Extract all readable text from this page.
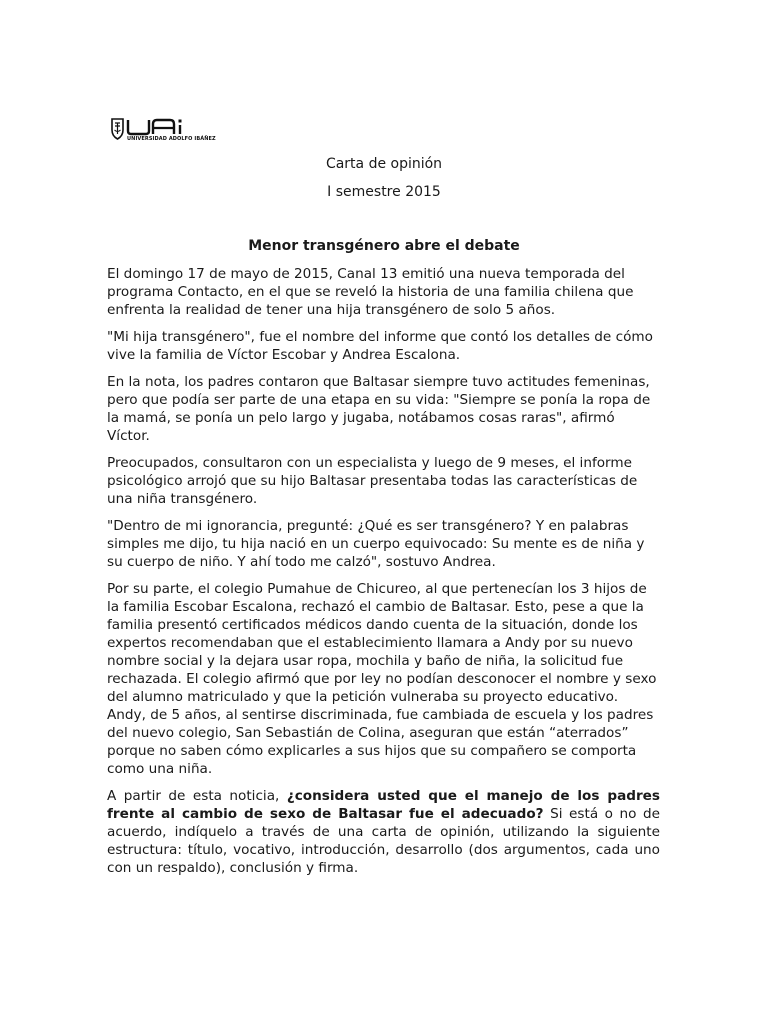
UNIVERSIDAD ADOLFO IBÁÑEZ
Carta de opinión
I semestre 2015
Menor transgénero abre el debate

El domingo 17 de mayo de 2015, Canal 13 emitió una nueva temporada del programa Contacto, en el que se reveló la historia de una familia chilena que enfrenta la realidad de tener una hija transgénero de solo 5 años.

"Mi hija transgénero", fue el nombre del informe que contó los detalles de cómo vive la familia de Víctor Escobar y Andrea Escalona.

En la nota, los padres contaron que Baltasar siempre tuvo actitudes femeninas, pero que podía ser parte de una etapa en su vida: "Siempre se ponía la ropa de la mamá, se ponía un pelo largo y jugaba, notábamos cosas raras", afirmó Víctor.

Preocupados, consultaron con un especialista y luego de 9 meses, el informe psicológico arrojó que su hijo Baltasar presentaba todas las características de una niña transgénero.

"Dentro de mi ignorancia, pregunté: ¿Qué es ser transgénero? Y en palabras simples me dijo, tu hija nació en un cuerpo equivocado: Su mente es de niña y su cuerpo de niño. Y ahí todo me calzó", sostuvo Andrea.

Por su parte, el colegio Pumahue de Chicureo, al que pertenecían los 3 hijos de la familia Escobar Escalona, rechazó el cambio de Baltasar. Esto, pese a que la familia presentó certificados médicos dando cuenta de la situación, donde los expertos recomendaban que el establecimiento llamara a Andy por su nuevo nombre social y la dejara usar ropa, mochila y baño de niña, la solicitud fue rechazada. El colegio afirmó que por ley no podían desconocer el nombre y sexo del alumno matriculado y que la petición vulneraba su proyecto educativo. Andy, de 5 años, al sentirse discriminada, fue cambiada de escuela y los padres del nuevo colegio, San Sebastián de Colina, aseguran que están “aterrados” porque no saben cómo explicarles a sus hijos que su compañero se comporta como una niña.

A partir de esta noticia, ¿considera usted que el manejo de los padres frente al cambio de sexo de Baltasar fue el adecuado? Si está o no de acuerdo, indíquelo a través de una carta de opinión, utilizando la siguiente estructura: título, vocativo, introducción, desarrollo (dos argumentos, cada uno con un respaldo), conclusión y firma.
